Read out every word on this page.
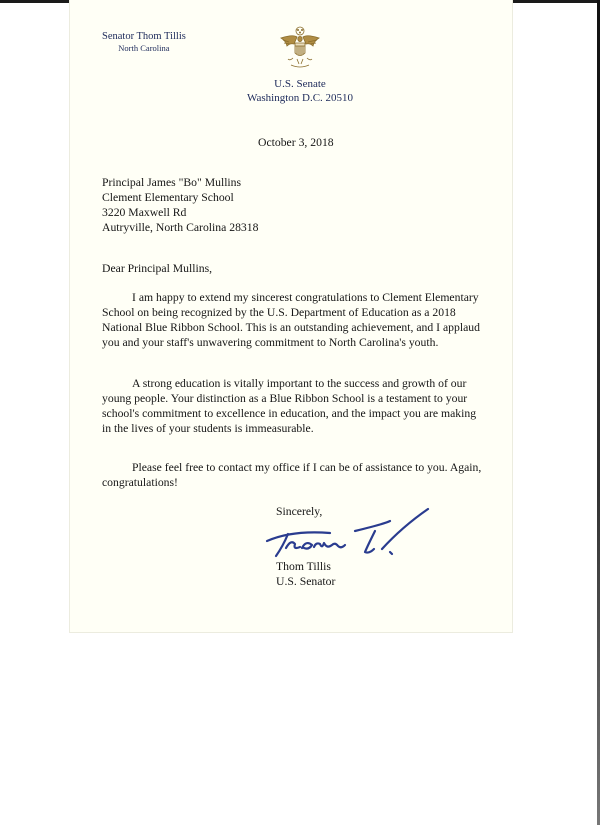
Senator Thom Tillis
North Carolina
U.S. Senate
Washington D.C. 20510
October 3, 2018
Principal James "Bo" Mullins
Clement Elementary School
3220 Maxwell Rd
Autryville, North Carolina 28318
Dear Principal Mullins,

I am happy to extend my sincerest congratulations to Clement Elementary School on being recognized by the U.S. Department of Education as a 2018 National Blue Ribbon School. This is an outstanding achievement, and I applaud you and your staff's unwavering commitment to North Carolina's youth.

A strong education is vitally important to the success and growth of our young people. Your distinction as a Blue Ribbon School is a testament to your school's commitment to excellence in education, and the impact you are making in the lives of your students is immeasurable.

Please feel free to contact my office if I can be of assistance to you. Again, congratulations!

Sincerely,
Thom Tillis
U.S. Senator
